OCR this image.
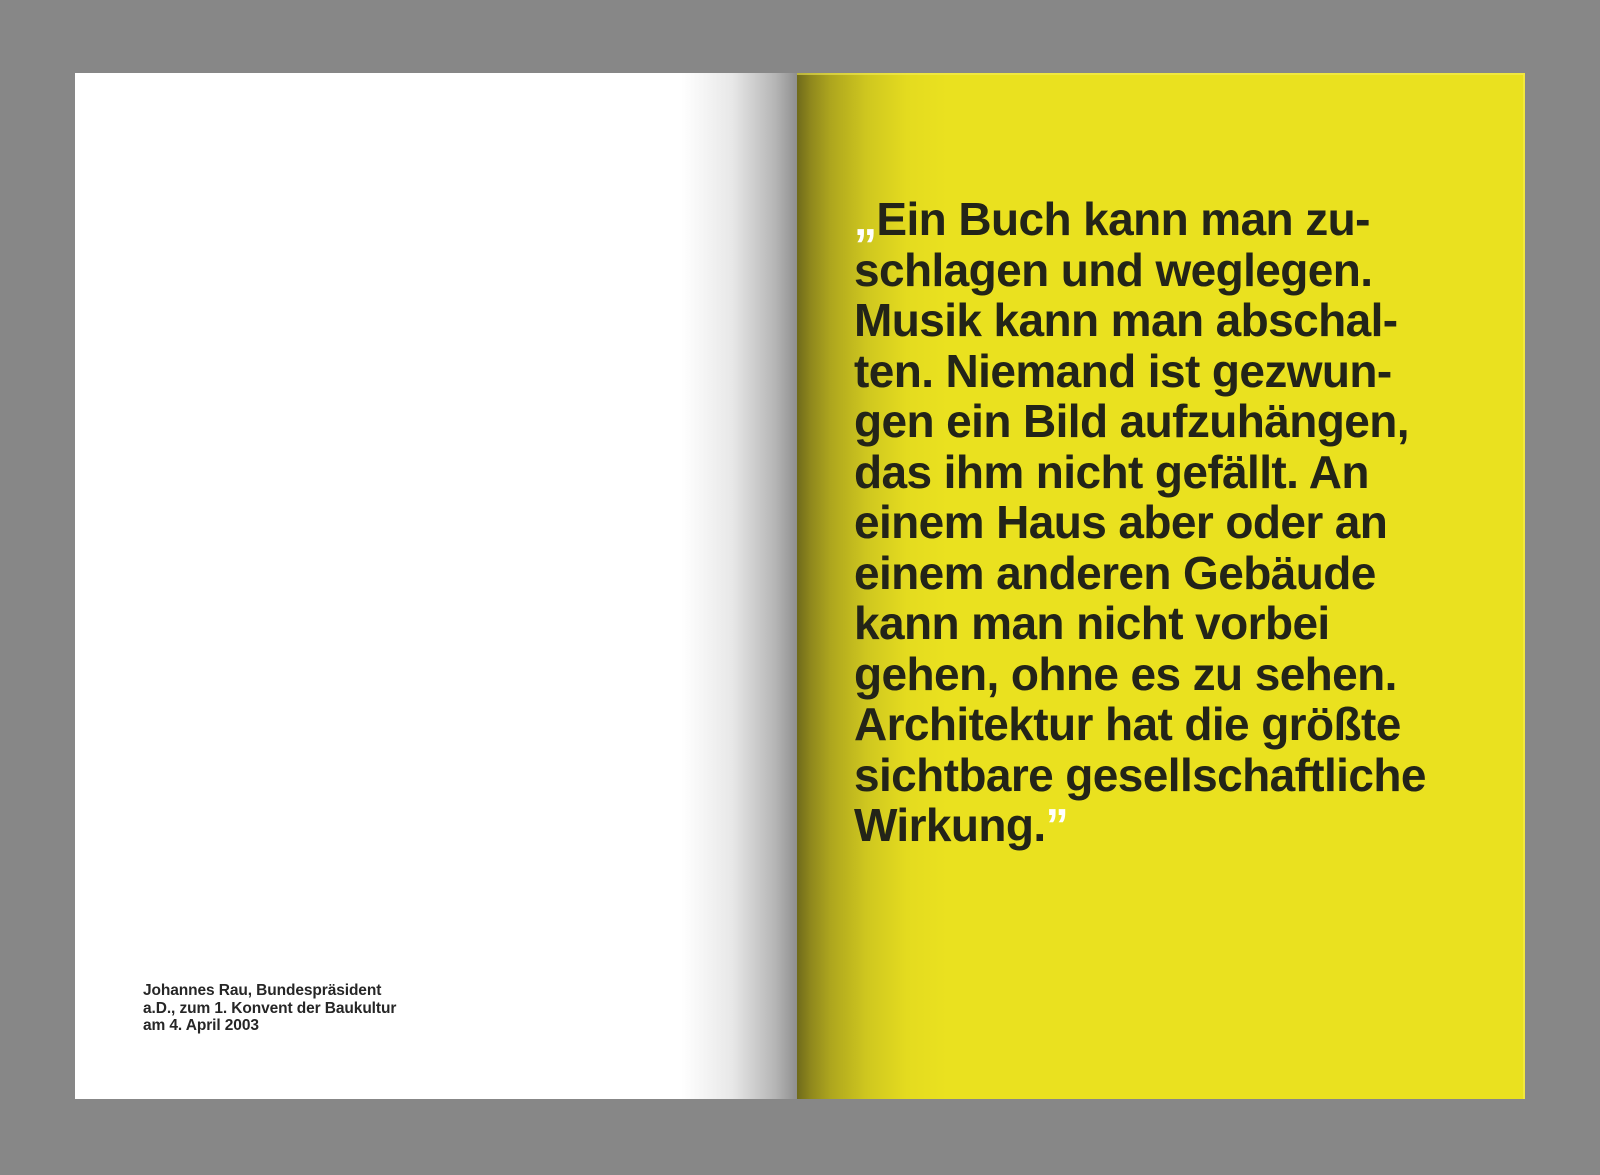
Johannes Rau, Bundespräsident
a.D., zum 1. Konvent der Baukultur
am 4. April 2003
„Ein Buch kann man zu-
schlagen und weglegen.
Musik kann man abschal-
ten. Niemand ist gezwun-
gen ein Bild aufzuhängen,
das ihm nicht gefällt. An
einem Haus aber oder an
einem anderen Gebäude
kann man nicht vorbei
gehen, ohne es zu sehen.
Architektur hat die größte
sichtbare gesellschaftliche
Wirkung.”
